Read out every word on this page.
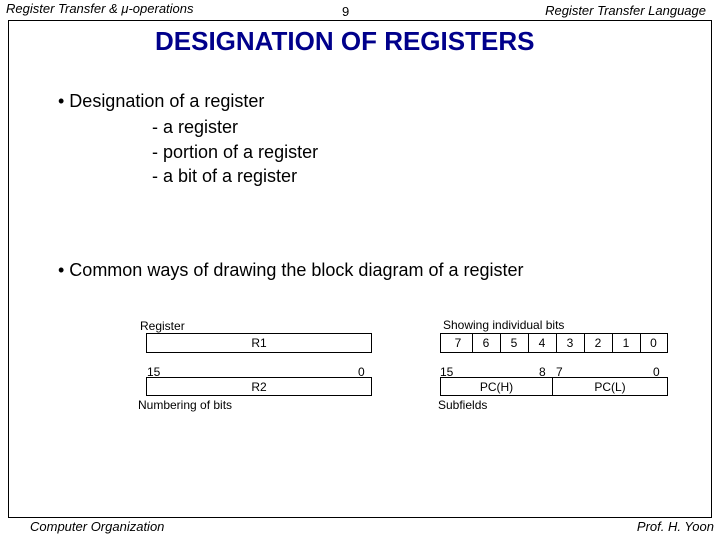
Register Transfer & μ-operations	9	Register Transfer Language
DESIGNATION OF REGISTERS
• Designation of a register
- a register
- portion of a register
- a bit of a register
• Common ways of drawing the block diagram of a register
Register
R1
15	0
R2
Numbering of bits
Showing individual bits
7	6	5	4	3	2	1	0
15	8 7	0
PC(H)	PC(L)
Subfields
Computer Organization	Prof. H. Yoon
